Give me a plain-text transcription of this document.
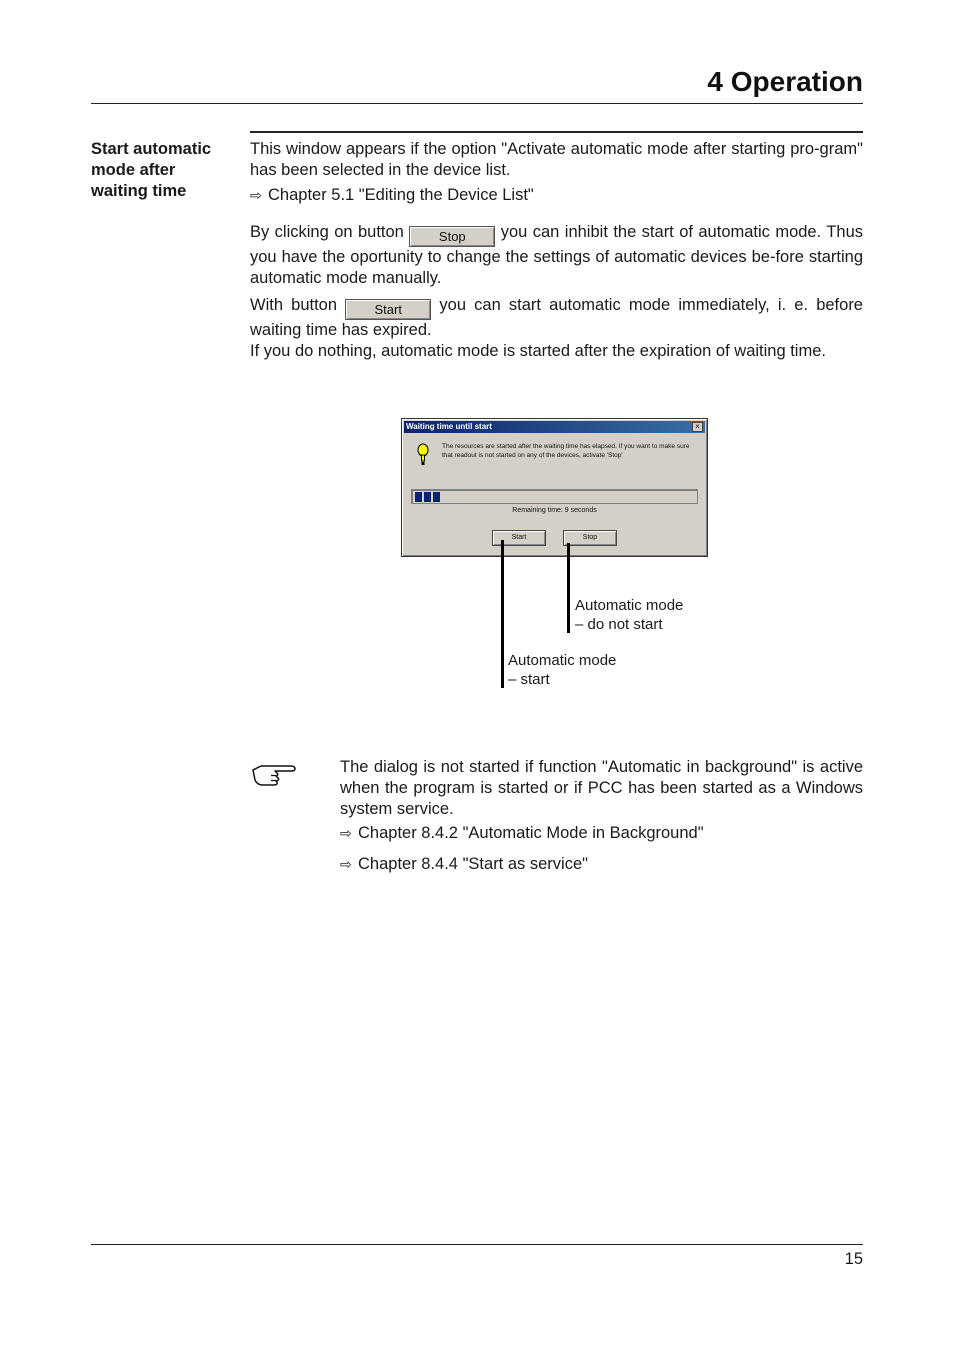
4 Operation
Start automatic
mode after
waiting time

This window appears if the option "Activate automatic mode after starting pro-gram" has been selected in the device list.

⇨ Chapter 5.1 "Editing the Device List"

By clicking on button	Stop you can inhibit the start of automatic mode. Thus you have the oportunity to change the settings of automatic devices be-fore starting automatic mode manually.

With button	Start you can start automatic mode immediately, i. e. before waiting time has expired.

If you do nothing, automatic mode is started after the expiration of waiting time.

Waiting time until start	×

The resources are started after the waiting time has elapsed. If you want to make sure that readout is not started on any of the devices, activate 'Stop'

Remaining time: 9 seconds

Start	Stop

Automatic mode
– do not start

Automatic mode
– start

The dialog is not started if function "Automatic in background" is active when the program is started or if PCC has been started as a Windows system service.

⇨ Chapter 8.4.2 "Automatic Mode in Background"

⇨ Chapter 8.4.4 "Start as service"

15
